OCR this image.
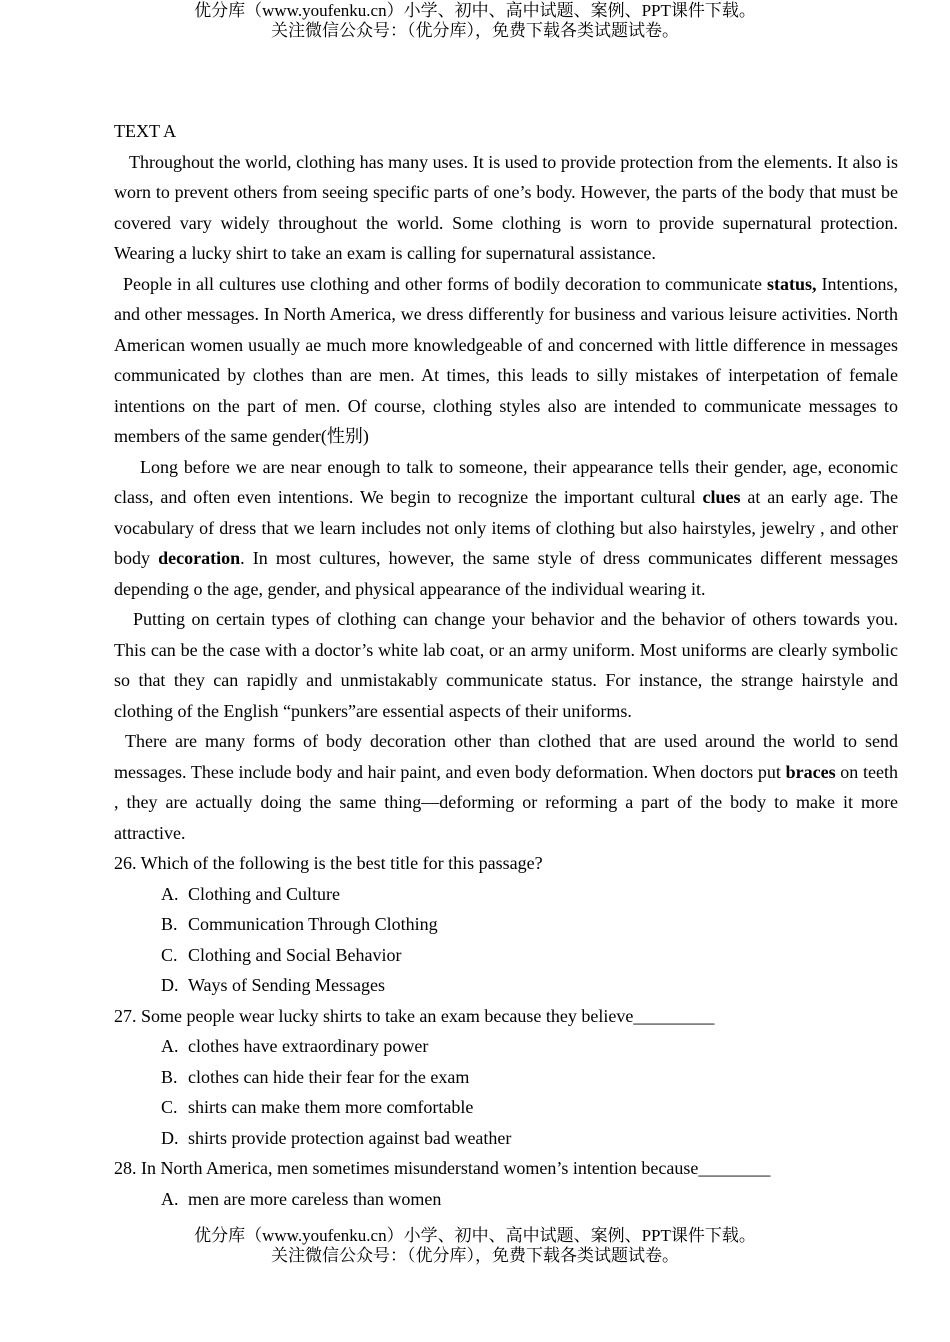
优分库（www.youfenku.cn）小学、初中、高中试题、案例、PPT课件下载。
关注微信公众号：（优分库），免费下载各类试题试卷。

TEXT A

Throughout the world, clothing has many uses. It is used to provide protection from the elements. It also is worn to prevent others from seeing specific parts of one’s body. However, the parts of the body that must be covered vary widely throughout the world. Some clothing is worn to provide supernatural protection. Wearing a lucky shirt to take an exam is calling for supernatural assistance.

People in all cultures use clothing and other forms of bodily decoration to communicate status, Intentions, and other messages. In North America, we dress differently for business and various leisure activities. North American women usually ae much more knowledgeable of and concerned with little difference in messages communicated by clothes than are men. At times, this leads to silly mistakes of interpetation of female intentions on the part of men. Of course, clothing styles also are intended to communicate messages to members of the same gender(性别)

Long before we are near enough to talk to someone, their appearance tells their gender, age, economic class, and often even intentions. We begin to recognize the important cultural clues at an early age. The vocabulary of dress that we learn includes not only items of clothing but also hairstyles, jewelry , and other body decoration. In most cultures, however, the same style of dress communicates different messages depending o the age, gender, and physical appearance of the individual wearing it.

Putting on certain types of clothing can change your behavior and the behavior of others towards you. This can be the case with a doctor’s white lab coat, or an army uniform. Most uniforms are clearly symbolic so that they can rapidly and unmistakably communicate status. For instance, the strange hairstyle and clothing of the English “punkers”are essential aspects of their uniforms.

There are many forms of body decoration other than clothed that are used around the world to send messages. These include body and hair paint, and even body deformation. When doctors put braces on teeth , they are actually doing the same thing—deforming or reforming a part of the body to make it more attractive.

26. Which of the following is the best title for this passage?

A. Clothing and Culture

B. Communication Through Clothing

C. Clothing and Social Behavior

D. Ways of Sending Messages

27. Some people wear lucky shirts to take an exam because they believe_________

A. clothes have extraordinary power

B. clothes can hide their fear for the exam

C. shirts can make them more comfortable

D. shirts provide protection against bad weather

28. In North America, men sometimes misunderstand women’s intention because________

A. men are more careless than women

优分库（www.youfenku.cn）小学、初中、高中试题、案例、PPT课件下载。
关注微信公众号：（优分库），免费下载各类试题试卷。
